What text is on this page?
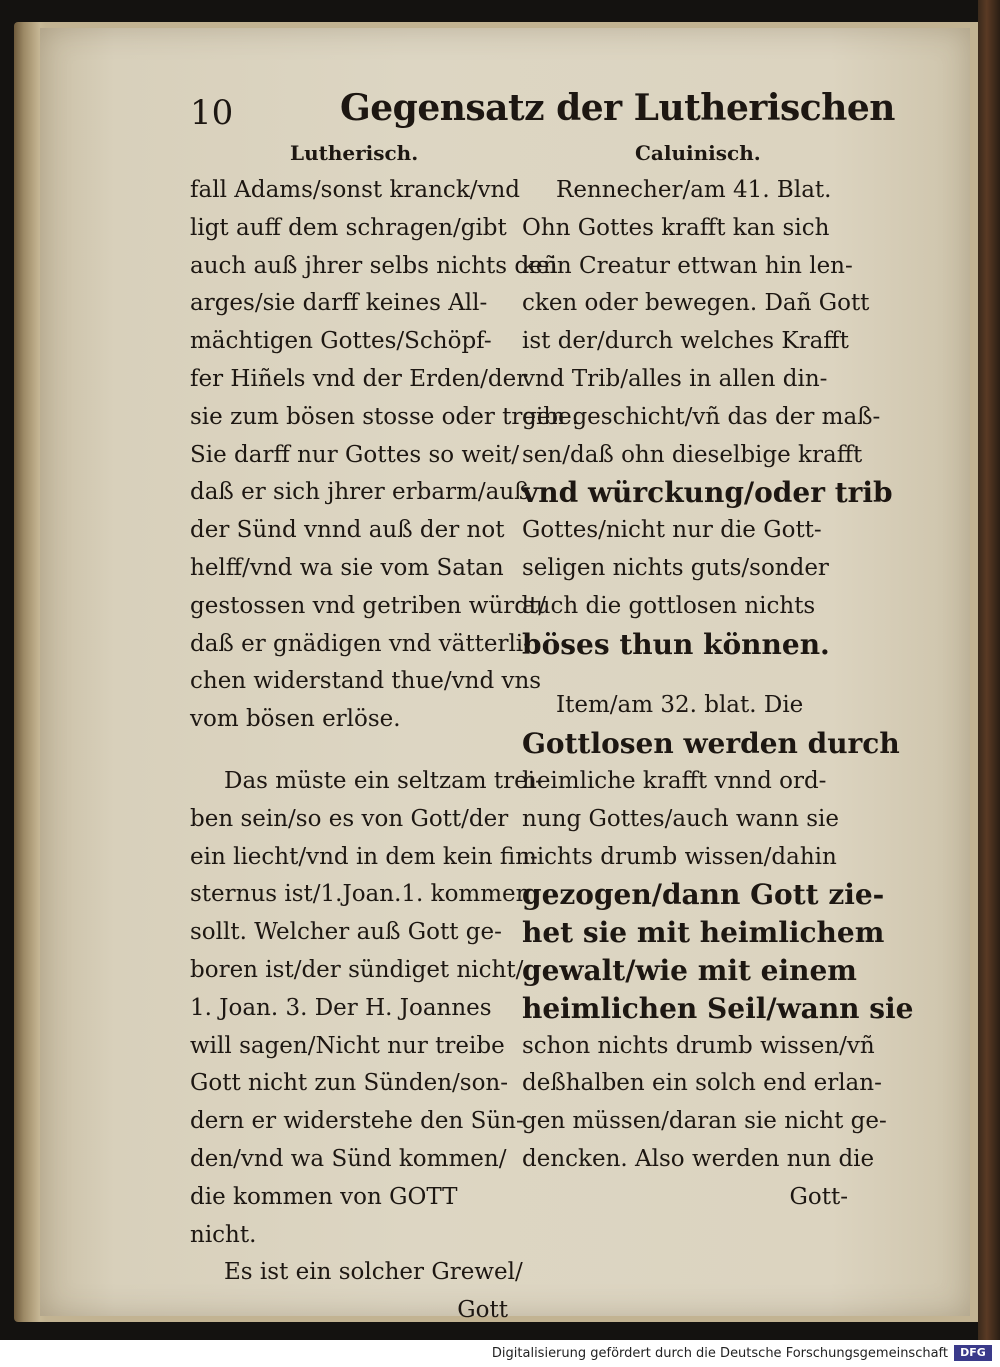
10	Gegensatz der Lutherischen
Lutherisch.	Caluinisch.
fall Adams/sonst kranck/vnd
ligt auff dem schragen/gibt
auch auß jhrer selbs nichts deñ
arges/sie darff keines All-
mächtigen Gottes/Schöpf-
fer Hiñels vnd der Erden/der
sie zum bösen stosse oder treibe.
Sie darff nur Gottes so weit/
daß er sich jhrer erbarm/auß
der Sünd vnnd auß der not
helff/vnd wa sie vom Satan
gestossen vnd getriben würdt/
daß er gnädigen vnd vätterli-
chen widerstand thue/vnd vns
vom bösen erlöse.
Das müste ein seltzam trei-
ben sein/so es von Gott/der
ein liecht/vnd in dem kein fin-
sternus ist/1.Joan.1. kommen
sollt. Welcher auß Gott ge-
boren ist/der sündiget nicht/
1. Joan. 3. Der H. Joannes
will sagen/Nicht nur treibe
Gott nicht zun Sünden/son-
dern er widerstehe den Sün-
den/vnd wa Sünd kommen/
die kommen von GOTT
nicht.
Es ist ein solcher Grewel/
Gott
Rennecher/am 41. Blat.
Ohn Gottes krafft kan sich
kein Creatur ettwan hin len-
cken oder bewegen. Dañ Gott
ist der/durch welches Krafft
vnd Trib/alles in allen din-
gen geschicht/vñ das der maß-
sen/daß ohn dieselbige krafft
vnd würckung/oder trib
Gottes/nicht nur die Gott-
seligen nichts guts/sonder
auch die gottlosen nichts
böses thun können.
Item/am 32. blat. Die
Gottlosen werden durch
heimliche krafft vnnd ord-
nung Gottes/auch wann sie
nichts drumb wissen/dahin
gezogen/dann Gott zie-
het sie mit heimlichem
gewalt/wie mit einem
heimlichen Seil/wann sie
schon nichts drumb wissen/vñ
deßhalben ein solch end erlan-
gen müssen/daran sie nicht ge-
dencken. Also werden nun die
Gott-
Digitalisierung gefördert durch die Deutsche Forschungsgemeinschaft	DFG
